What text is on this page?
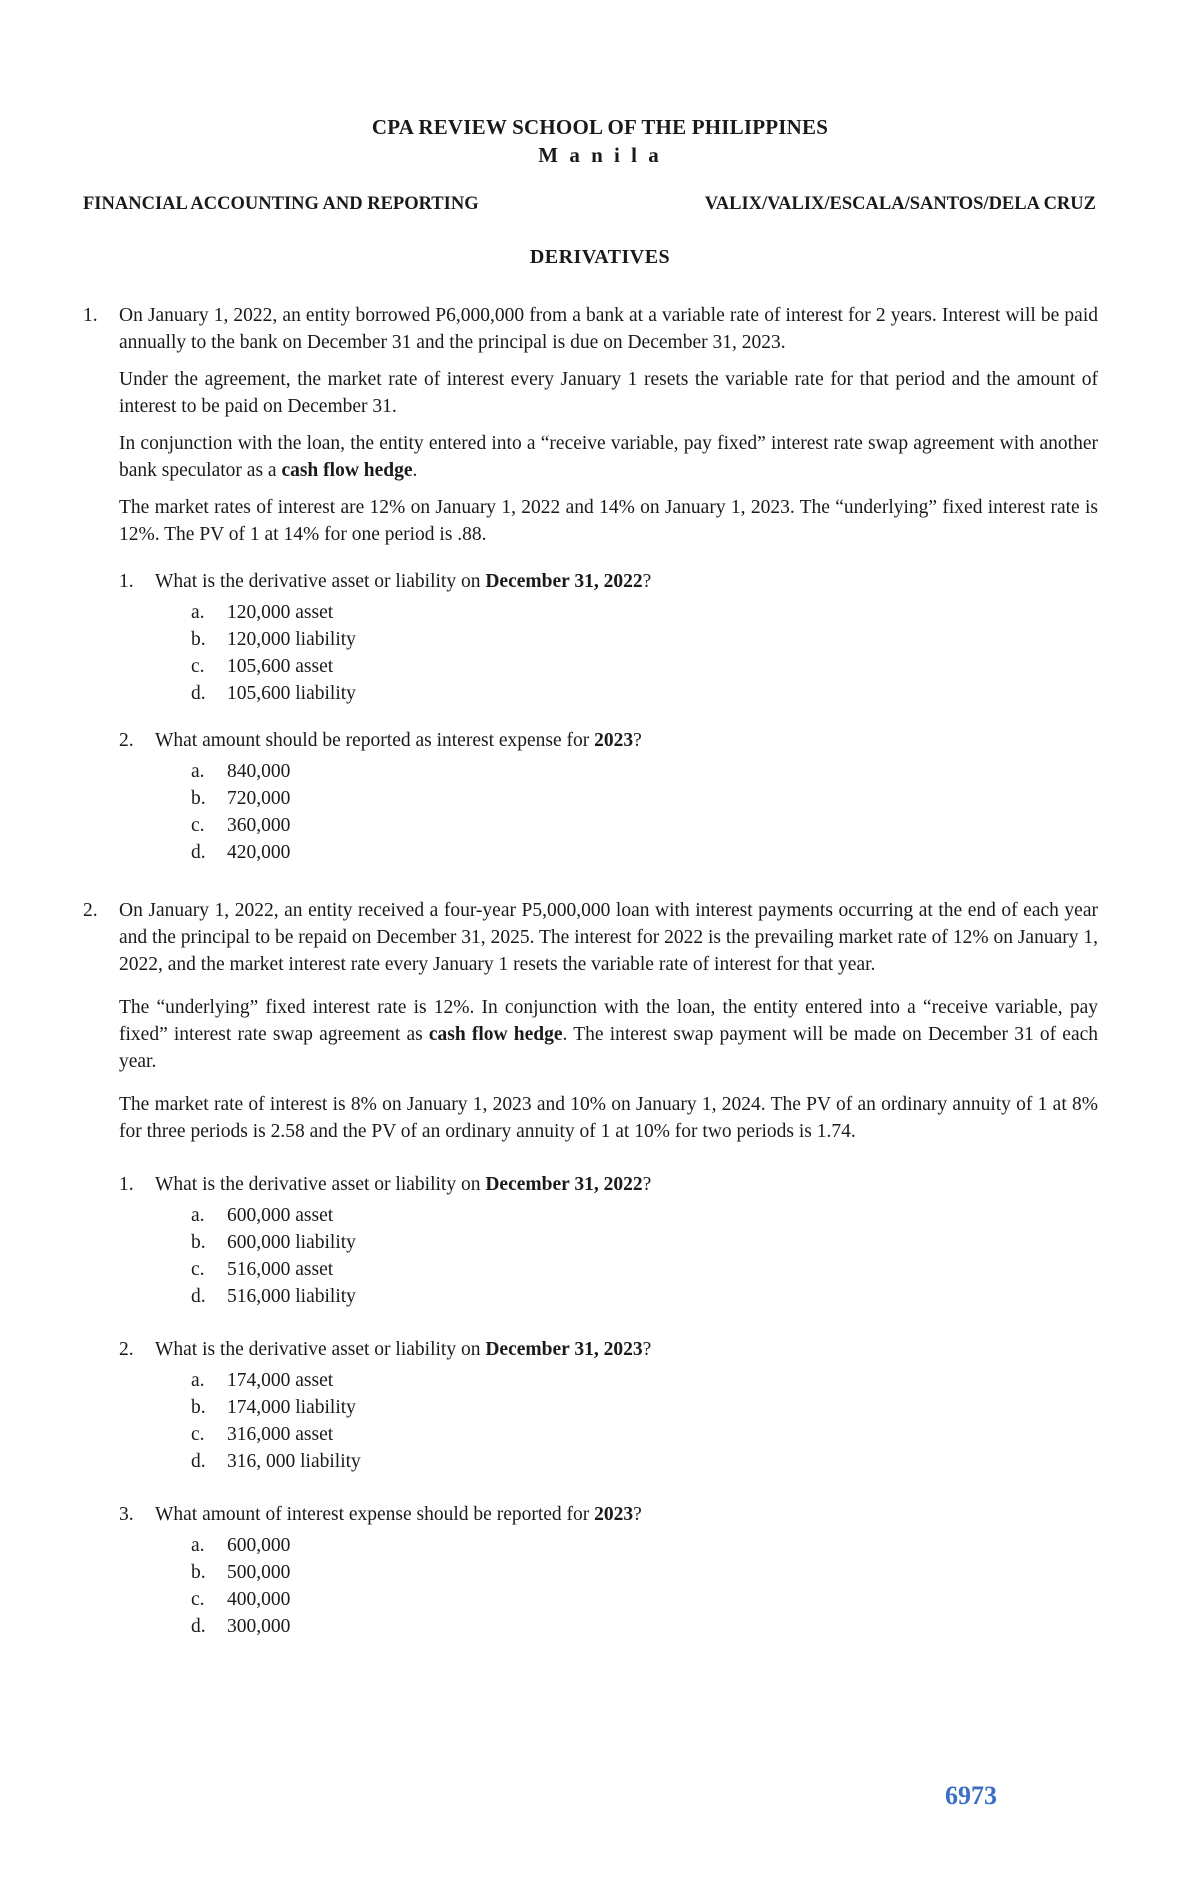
CPA REVIEW SCHOOL OF THE PHILIPPINES
M a n i l a
FINANCIAL ACCOUNTING AND REPORTING	VALIX/VALIX/ESCALA/SANTOS/DELA CRUZ
DERIVATIVES
1. On January 1, 2022, an entity borrowed P6,000,000 from a bank at a variable rate of interest for 2 years. Interest will be paid annually to the bank on December 31 and the principal is due on December 31, 2023.
Under the agreement, the market rate of interest every January 1 resets the variable rate for that period and the amount of interest to be paid on December 31.
In conjunction with the loan, the entity entered into a “receive variable, pay fixed” interest rate swap agreement with another bank speculator as a cash flow hedge.
The market rates of interest are 12% on January 1, 2022 and 14% on January 1, 2023. The “underlying” fixed interest rate is 12%. The PV of 1 at 14% for one period is .88.
1. What is the derivative asset or liability on December 31, 2022?
a. 120,000 asset
b. 120,000 liability
c. 105,600 asset
d. 105,600 liability
2. What amount should be reported as interest expense for 2023?
a. 840,000
b. 720,000
c. 360,000
d. 420,000
2. On January 1, 2022, an entity received a four-year P5,000,000 loan with interest payments occurring at the end of each year and the principal to be repaid on December 31, 2025. The interest for 2022 is the prevailing market rate of 12% on January 1, 2022, and the market interest rate every January 1 resets the variable rate of interest for that year.
The “underlying” fixed interest rate is 12%. In conjunction with the loan, the entity entered into a “receive variable, pay fixed” interest rate swap agreement as cash flow hedge. The interest swap payment will be made on December 31 of each year.
The market rate of interest is 8% on January 1, 2023 and 10% on January 1, 2024. The PV of an ordinary annuity of 1 at 8% for three periods is 2.58 and the PV of an ordinary annuity of 1 at 10% for two periods is 1.74.
1. What is the derivative asset or liability on December 31, 2022?
a. 600,000 asset
b. 600,000 liability
c. 516,000 asset
d. 516,000 liability
2. What is the derivative asset or liability on December 31, 2023?
a. 174,000 asset
b. 174,000 liability
c. 316,000 asset
d. 316, 000 liability
3. What amount of interest expense should be reported for 2023?
a. 600,000
b. 500,000
c. 400,000
d. 300,000
6973
